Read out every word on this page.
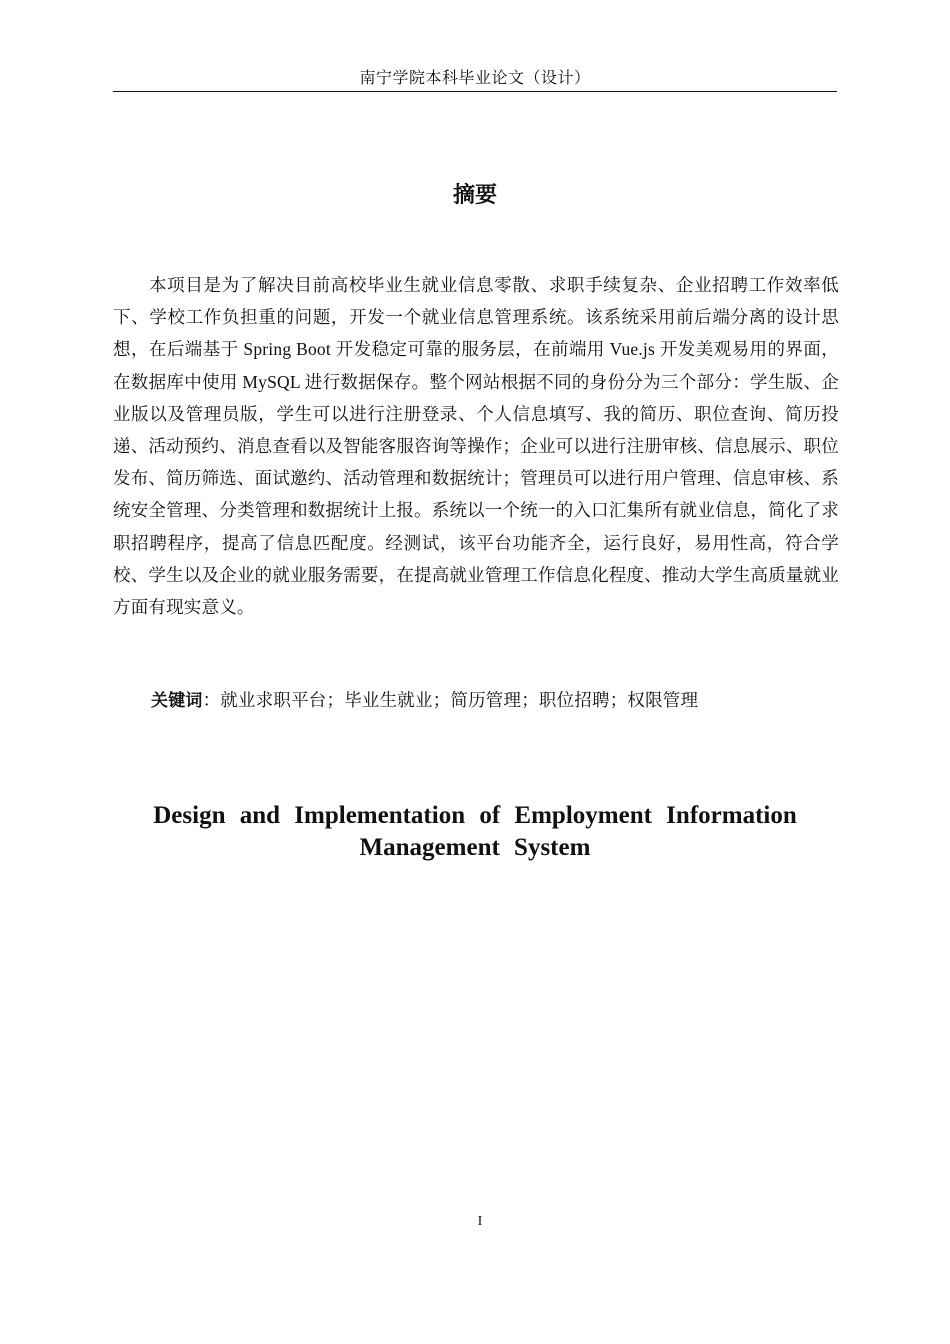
南宁学院本科毕业论文（设计）
摘要

本项目是为了解决目前高校毕业生就业信息零散、求职手续复杂、企业招聘工作效率低下、学校工作负担重的问题，开发一个就业信息管理系统。该系统采用前后端分离的设计思想，在后端基于 Spring Boot 开发稳定可靠的服务层，在前端用 Vue.js 开发美观易用的界面，在数据库中使用 MySQL 进行数据保存。整个网站根据不同的身份分为三个部分：学生版、企业版以及管理员版，学生可以进行注册登录、个人信息填写、我的简历、职位查询、简历投递、活动预约、消息查看以及智能客服咨询等操作；企业可以进行注册审核、信息展示、职位发布、简历筛选、面试邀约、活动管理和数据统计；管理员可以进行用户管理、信息审核、系统安全管理、分类管理和数据统计上报。系统以一个统一的入口汇集所有就业信息，简化了求职招聘程序，提高了信息匹配度。经测试，该平台功能齐全，运行良好，易用性高，符合学校、学生以及企业的就业服务需要，在提高就业管理工作信息化程度、推动大学生高质量就业方面有现实意义。

关键词：就业求职平台；毕业生就业；简历管理；职位招聘；权限管理
Design and Implementation of Employment Information
Management System
I
